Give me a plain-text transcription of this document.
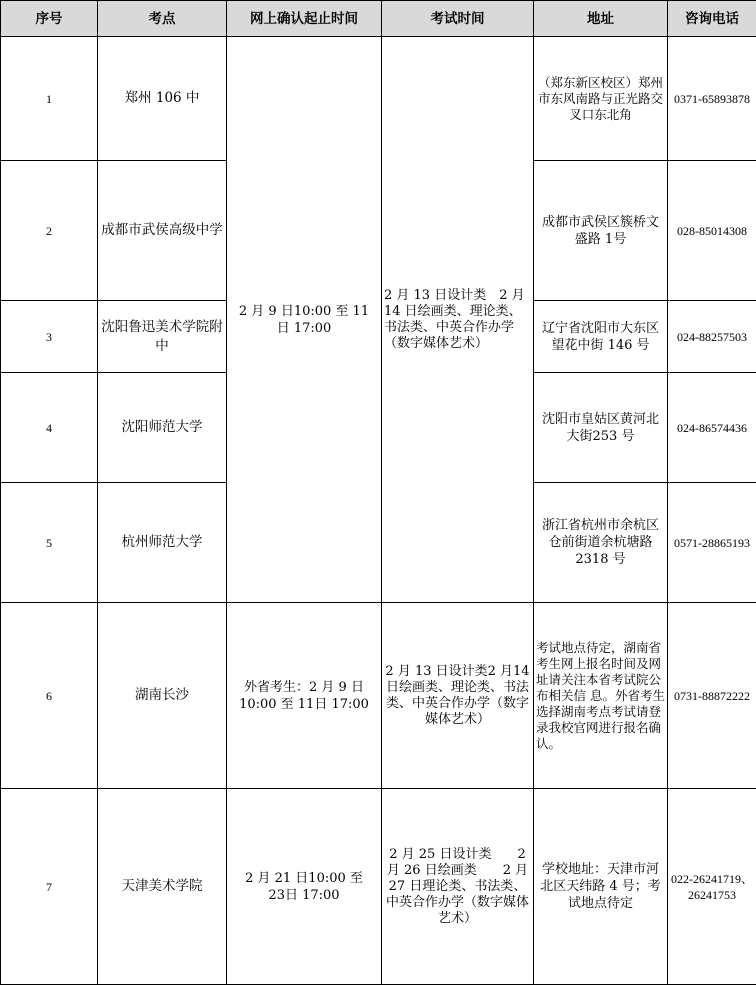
序号	考点	网上确认起止时间	考试时间	地址	咨询电话
1	郑州 106 中	2 月 9 日10:00 至 11日 17:00	2 月 13 日设计类　2 月 14 日绘画类、理论类、书法类、中英合作办学（数字媒体艺术）	（郑东新区校区）郑州市东风南路与正光路交叉口东北角	0371-65893878
2	成都市武侯高级中学			成都市武侯区簇桥文盛路 1号	028-85014308
3	沈阳鲁迅美术学院附中			辽宁省沈阳市大东区望花中街 146 号	024-88257503
4	沈阳师范大学			沈阳市皇姑区黄河北大街253 号	024-86574436
5	杭州师范大学			浙江省杭州市余杭区仓前街道余杭塘路 2318 号	0571-28865193
6	湖南长沙	外省考生：2 月 9 日 10:00 至 11日 17:00	2 月 13 日设计类2 月14日绘画类、理论类、书法类、中英合作办学（数字媒体艺术）	考试地点待定，湖南省考生网上报名时间及网址请关注本省考试院公布相关信 息。外省考生选择湖南考点考试请登录我校官网进行报名确认。	0731-88872222
7	天津美术学院	2 月 21 日10:00 至 23日 17:00	2 月 25 日设计类　　2 月 26 日绘画类　　2 月 27 日理论类、书法类、中英合作办学（数字媒体艺术）	学校地址：天津市河北区天纬路 4 号；考试地点待定	022-26241719、26241753
